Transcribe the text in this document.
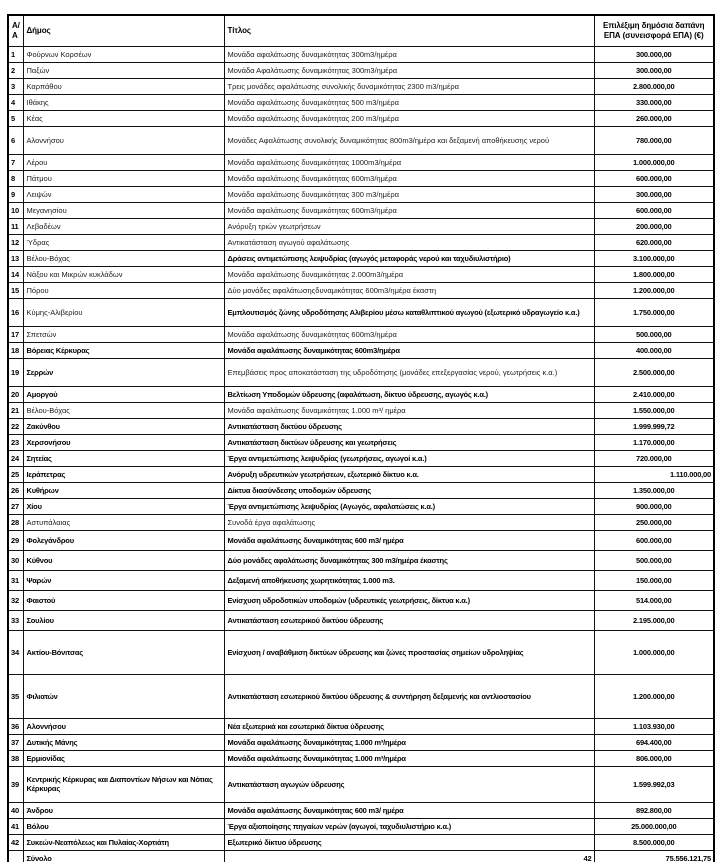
Α/Α	Δήμος	Τίτλος	Επιλέξιμη δημόσια δαπάνη ΕΠΑ (συνεισφορά ΕΠΑ) (€)
1	Φούρνων Κορσέων	Μονάδα αφαλάτωσης δυναμικότητας 300m3/ημέρα	300.000,00
2	Παξών	Μονάδα Αφαλάτωσης δυναμικότητας 300m3/ημέρα	300.000,00
3	Καρπάθου	Τρεις μονάδες αφαλάτωσης συνολικής δυναμικότητας 2300 m3/ημέρα	2.800.000,00
4	Ιθάκης	Μονάδα αφαλάτωσης δυναμικότητας 500 m3/ημέρα	330.000,00
5	Κέας	Μονάδα αφαλάτωσης δυναμικότητας 200 m3/ημέρα	260.000,00
6	Αλοννήσου	Μονάδες Αφαλάτωσης συνολικής δυναμικότητας 800m3/ημέρα και δεξαμενή αποθήκευσης νερού	780.000,00
7	Λέρου	Μονάδα αφαλάτωσης δυναμικότητας 1000m3/ημέρα	1.000.000,00
8	Πάτμου	Μονάδα αφαλάτωσης δυναμικότητας 600m3/ημέρα	600.000,00
9	Λειψών	Μονάδα αφαλάτωσης δυναμικότητας 300 m3/ημέρα	300.000,00
10	Μεγανησίου	Μονάδα αφαλάτωσης δυναμικότητας 600m3/ημέρα	600.000,00
11	Λεβαδέων	Ανόρυξη τριών γεωτρήσεων	200.000,00
12	Ύδρας	Αντικατάσταση αγωγού αφαλάτωσης	620.000,00
13	Βέλου-Βόχας	Δράσεις αντιμετώπισης λειψυδρίας (αγωγός μεταφοράς νερού και ταχυδιυλιστήριο)	3.100.000,00
14	Νάξου και Μικρών κυκλάδων	Μονάδα αφαλάτωσης δυναμικότητας 2.000m3/ημέρα	1.800.000,00
15	Πόρου	Δύο μονάδες αφαλάτωσηςδυναμικότητας 600m3/ημέρα έκαστη	1.200.000,00
16	Κύμης-Αλιβερίου	Εμπλουτισμός ζώνης υδροδότησης Αλιβερίου μέσω καταθλιπτικού αγωγού (εξωτερικό υδραγωγείο κ.α.)	1.750.000,00
17	Σπετσών	Μονάδα αφαλάτωσης δυναμικότητας 600m3/ημέρα	500.000,00
18	Βόρειας Κέρκυρας	Μονάδα αφαλάτωσης δυναμικότητας 600m3/ημέρα	400.000,00
19	Σερρών	Επεμβάσεις προς αποκατάσταση της υδροδότησης (μονάδες επεξεργασίας νερού, γεωτρήσεις κ.α.)	2.500.000,00
20	Αμοργού	Βελτίωση Υποδομών ύδρευσης (αφαλάτωση, δίκτυο ύδρευσης, αγωγός κ.α.)	2.410.000,00
21	Βέλου-Βόχας	Μονάδα αφαλάτωσης δυναμικότητας 1.000 m³/ ημέρα	1.550.000,00
22	Ζακύνθου	Αντικατάσταση δικτύου ύδρευσης	1.999.999,72
23	Χερσονήσου	Αντικατάσταση δικτύων ύδρευσης και γεωτρήσεις	1.170.000,00
24	Σητείας	Έργα αντιμετώπισης λειψυδρίας (γεωτρήσεις, αγωγοί κ.α.)	720.000,00
25	Ιεράπετρας	Ανόρυξη υδρευτικών γεωτρήσεων, εξωτερικό δίκτυο κ.α.	1.110.000,00
26	Κυθήρων	Δίκτυα διασύνδεσης υποδομών ύδρευσης	1.350.000,00
27	Χίου	Έργα αντιμετώπισης λειψυδρίας (Αγωγός, αφαλατώσεις κ.α.)	900.000,00
28	Αστυπάλαιας	Συνοδά έργα αφαλάτωσης	250.000,00
29	Φολεγάνδρου	Μονάδα αφαλάτωσης δυναμικότητας 600 m3/ ημέρα	600.000,00
30	Κύθνου	Δύο μονάδες αφαλάτωσης δυναμικότητας 300 m3/ημέρα έκαστης	500.000,00
31	Ψαρών	Δεξαμενή αποθήκευσης χωρητικότητας 1.000 m3.	150.000,00
32	Φαιστού	Ενίσχυση υδροδοτικών υποδομών (υδρευτικές γεωτρήσεις, δίκτυα κ.α.)	514.000,00
33	Σουλίου	Αντικατάσταση εσωτερικού δικτύου ύδρευσης	2.195.000,00
34	Ακτίου-Βόνιτσας	Ενίσχυση / αναβάθμιση δικτύων ύδρευσης και ζώνες προστασίας σημείων υδροληψίας	1.000.000,00
35	Φιλιατών	Αντικατάσταση εσωτερικού δικτύου ύδρευσης & συντήρηση δεξαμενής και αντλιοστασίου	1.200.000,00
36	Αλοννήσου	Νέα εξωτερικά και εσωτερικά δίκτυα ύδρευσης	1.103.930,00
37	Δυτικής Μάνης	Μονάδα αφαλάτωσης δυναμικότητας 1.000 m³/ημέρα	694.400,00
38	Ερμιονίδας	Μονάδα αφαλάτωσης δυναμικότητας 1.000 m³/ημέρα	806.000,00
39	Κεντρικής Κέρκυρας και Διαποντίων Νήσων και Νότιας Κέρκυρας	Αντικατάσταση αγωγών ύδρευσης	1.599.992,03
40	Άνδρου	Μονάδα αφαλάτωσης δυναμικότητας 600 m3/ ημέρα	892.800,00
41	Βόλου	Έργα αξιοποίησης πηγαίων νερών (αγωγοί, ταχυδιυλιστήριο κ.α.)	25.000.000,00
42	Συκεών-Νεαπόλεως και Πυλαίας-Χορτιάτη	Εξωτερικό δίκτυο ύδρευσης	8.500.000,00
	Σύνολο	42	75.556.121,75
